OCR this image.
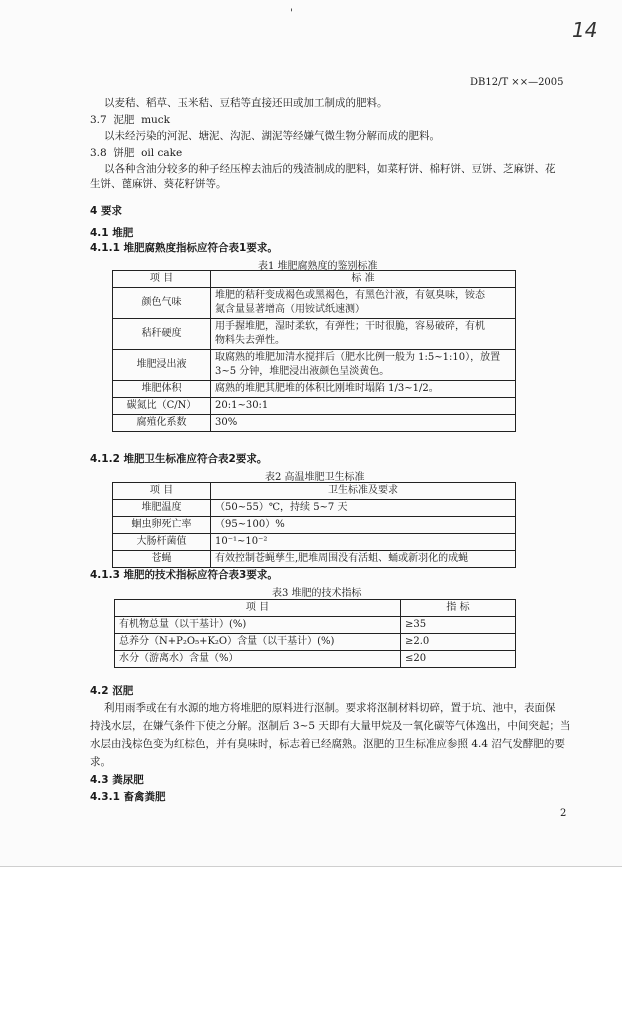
'
14
DB12/T ××—2005
以麦秸、稻草、玉米秸、豆秸等直接还田或加工制成的肥料。
3.7 泥肥 muck
以未经污染的河泥、塘泥、沟泥、湖泥等经嫌气微生物分解而成的肥料。
3.8 饼肥 oil cake
以各种含油分较多的种子经压榨去油后的残渣制成的肥料，如菜籽饼、棉籽饼、豆饼、芝麻饼、花
生饼、蓖麻饼、葵花籽饼等。
4 要求
4.1 堆肥
4.1.1 堆肥腐熟度指标应符合表1要求。
表1 堆肥腐熟度的鉴别标准
项 目	标 准
颜色气味	堆肥的秸秆变成褐色或黑褐色，有黑色汁液，有氨臭味，铵态
氮含量显著增高（用铵试纸速测）
秸秆硬度	用手握堆肥，湿时柔软，有弹性；干时很脆，容易破碎，有机
物料失去弹性。
堆肥浸出液	取腐熟的堆肥加清水搅拌后（肥水比例一般为 1:5~1:10），放置
3~5 分钟，堆肥浸出液颜色呈淡黄色。
堆肥体积	腐熟的堆肥其肥堆的体积比刚堆时塌陷 1/3~1/2。
碳氮比（C/N）	20:1~30:1
腐殖化系数	30%
4.1.2 堆肥卫生标准应符合表2要求。
表2 高温堆肥卫生标准
项 目	卫生标准及要求
堆肥温度	（50~55）℃，持续 5~7 天
蛔虫卵死亡率	（95~100）%
大肠杆菌值	10⁻¹~10⁻²
苍蝇	有效控制苍蝇孳生,肥堆周围没有活蛆、蛹或新羽化的成蝇
4.1.3 堆肥的技术指标应符合表3要求。
表3 堆肥的技术指标
项 目	指 标
有机物总量（以干基计）(%)	≥35
总养分（N+P₂O₅+K₂O）含量（以干基计）(%)	≥2.0
水分（游离水）含量（%）	≤20
4.2 沤肥
利用雨季或在有水源的地方将堆肥的原料进行沤制。要求将沤制材料切碎，置于坑、池中，表面保
持浅水层，在嫌气条件下使之分解。沤制后 3~5 天即有大量甲烷及一氧化碳等气体逸出，中间突起；当
水层由浅棕色变为红棕色，并有臭味时，标志着已经腐熟。沤肥的卫生标准应参照 4.4 沼气发酵肥的要
求。
4.3 粪尿肥
4.3.1 畜禽粪肥
2
